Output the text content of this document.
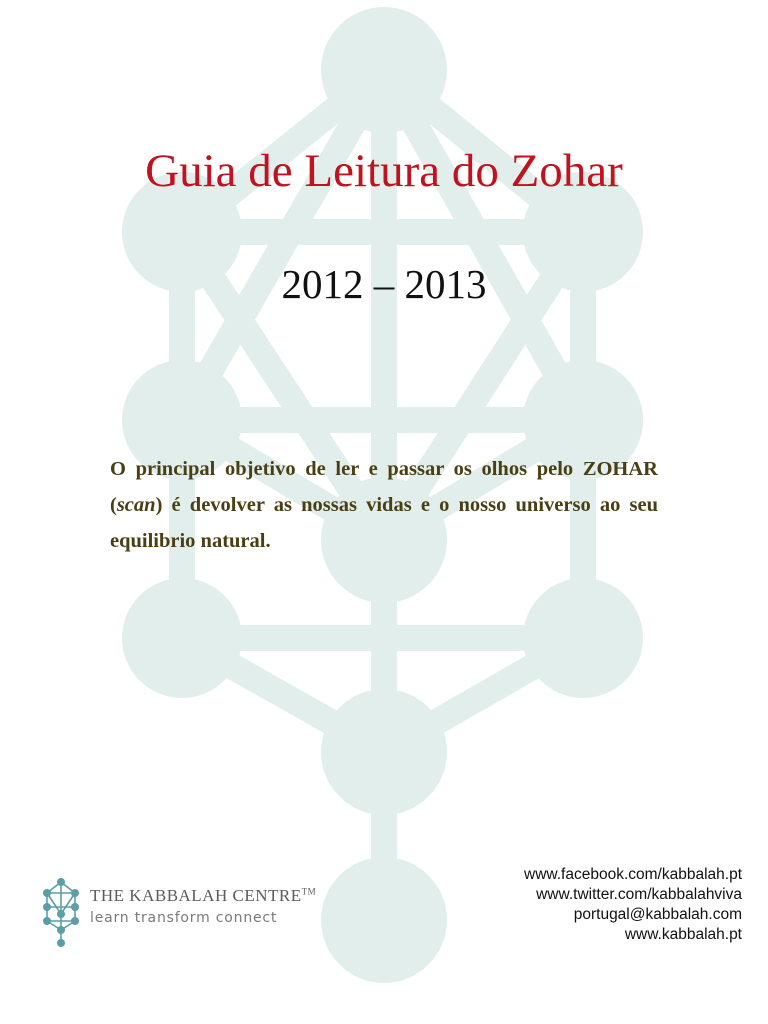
Guia de Leitura do Zohar
2012 – 2013

O principal objetivo de ler e passar os olhos pelo ZOHAR (scan) é devolver as nossas vidas e o nosso universo ao seu equilibrio natural.

THE KABBALAH CENTRE™
learn transform connect
www.facebook.com/kabbalah.pt
www.twitter.com/kabbalahviva
portugal@kabbalah.com
www.kabbalah.pt
